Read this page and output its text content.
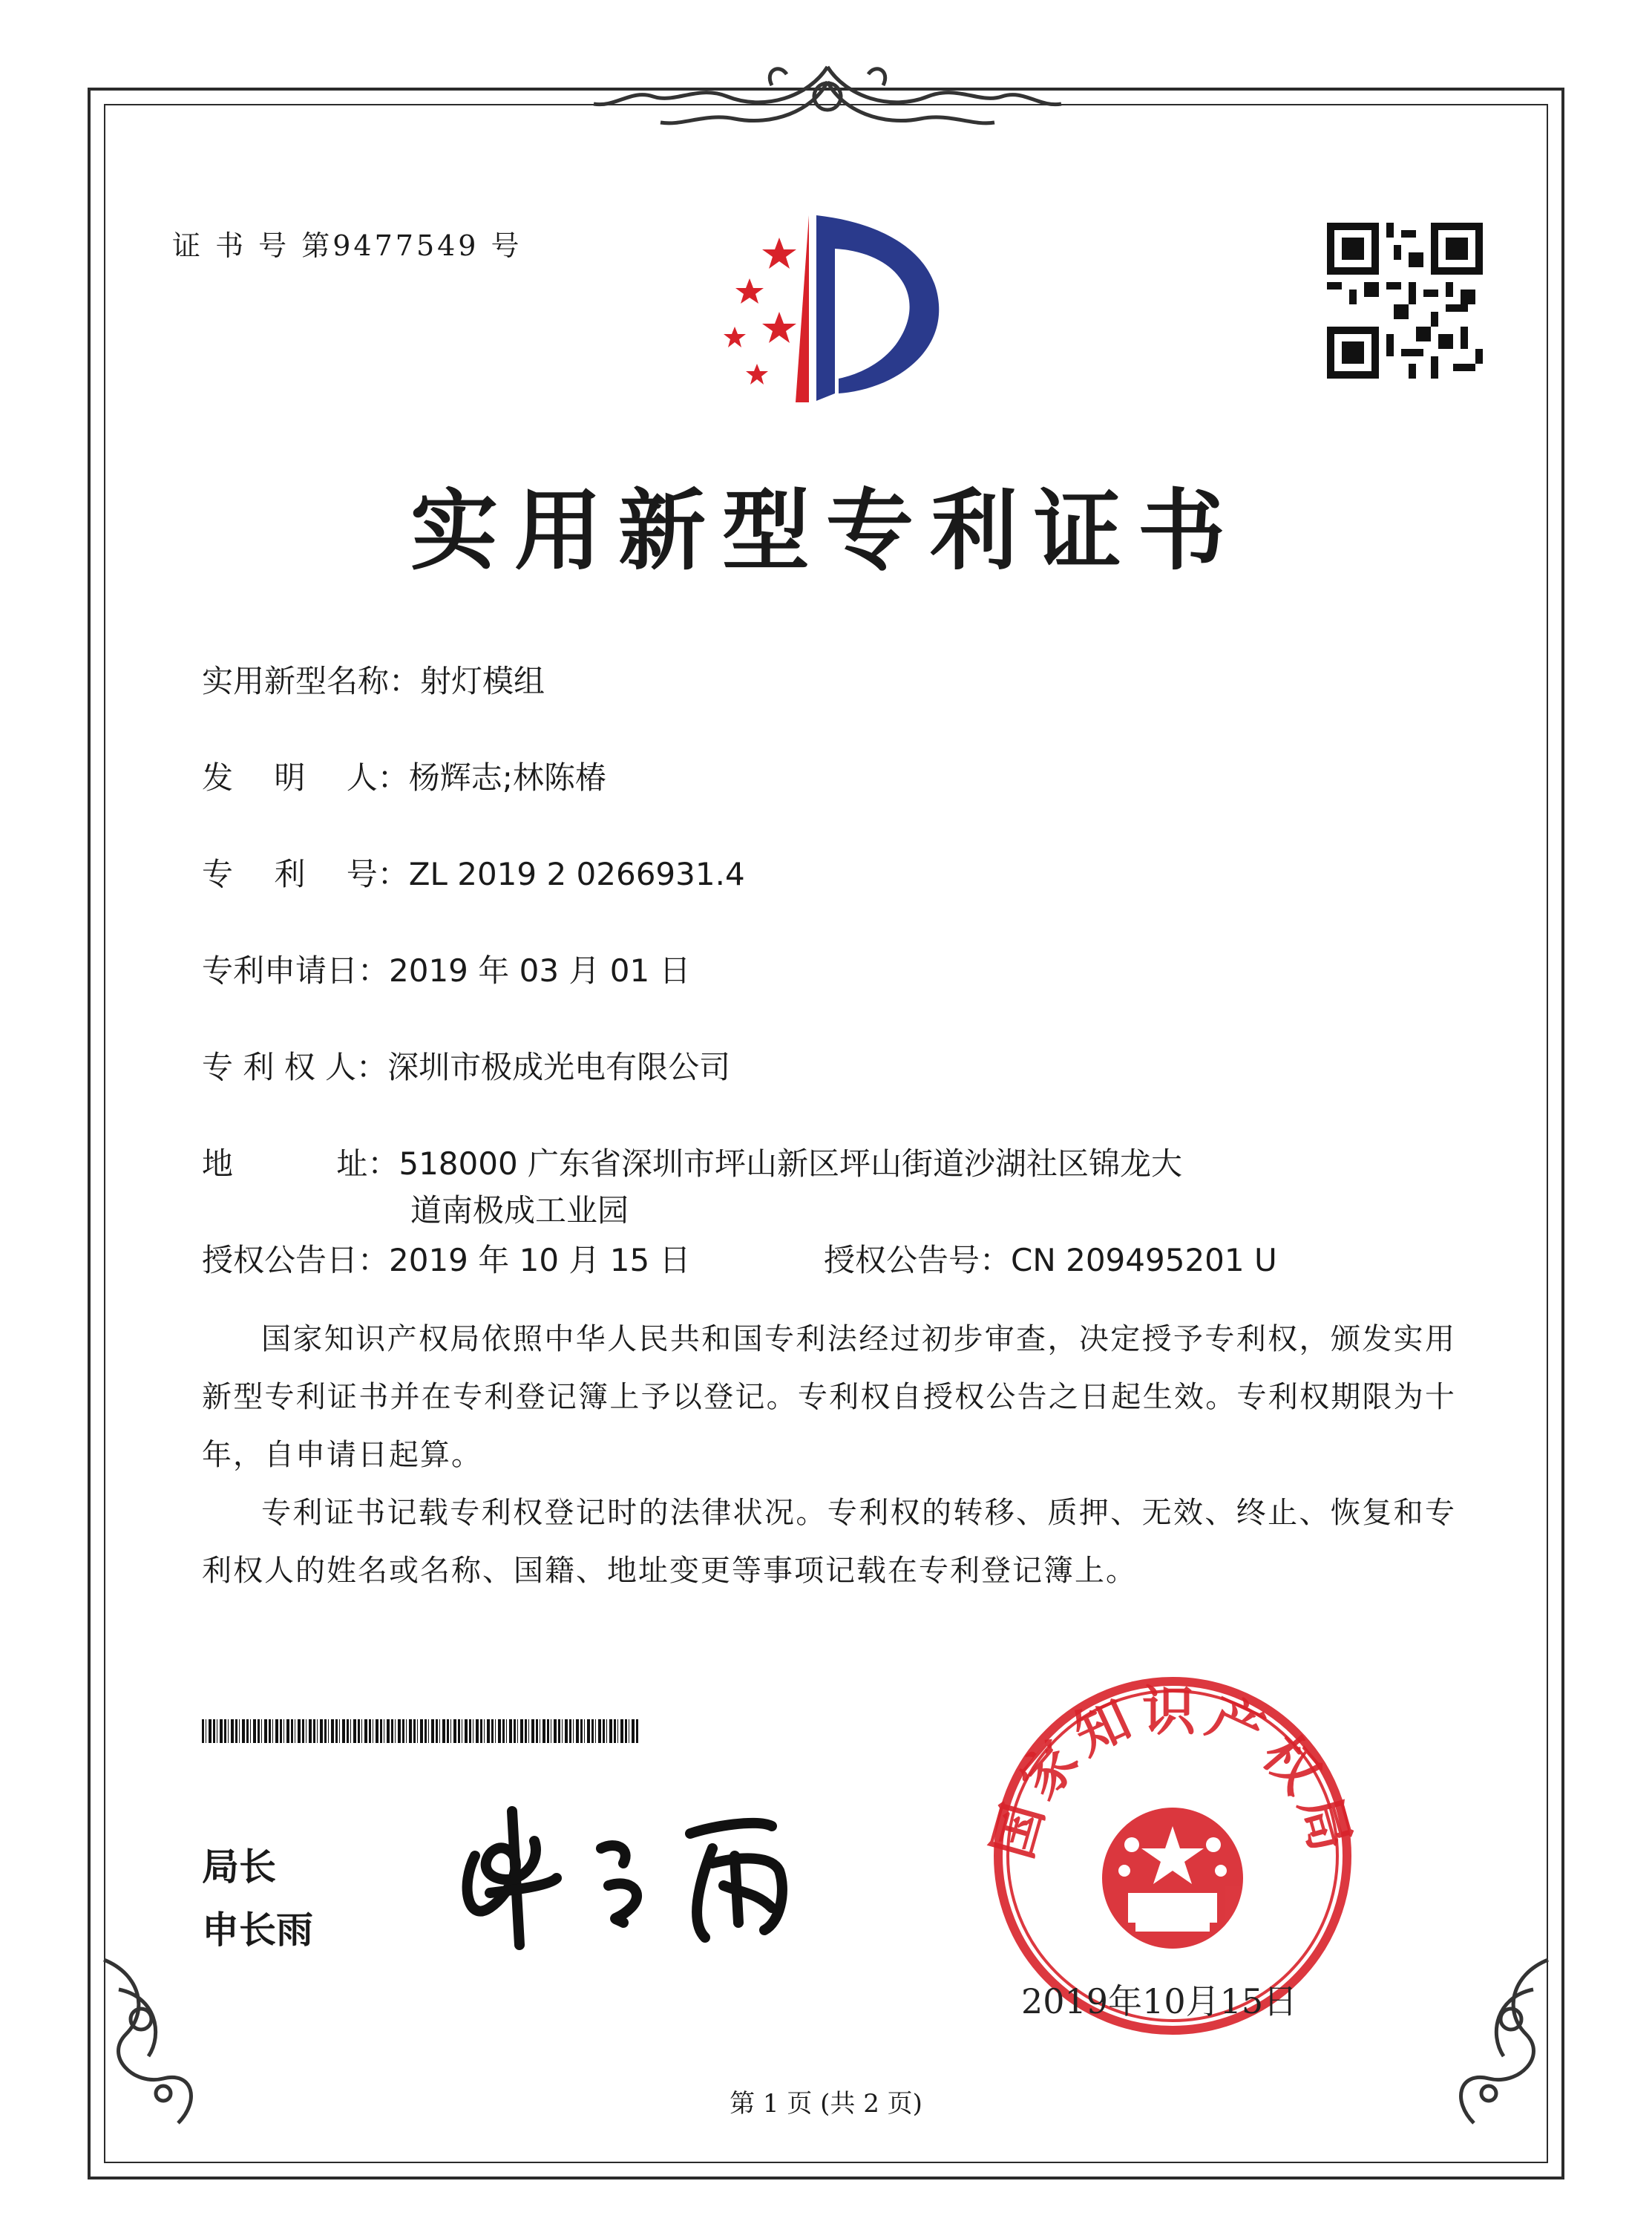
证 书 号 第9477549 号
实用新型专利证书
实用新型名称：射灯模组
发　 明　 人：杨辉志;林陈椿
专　 利　 号：ZL 2019 2 0266931.4
专利申请日：2019 年 03 月 01 日
专 利 权 人：深圳市极成光电有限公司
地　　　 址：518000 广东省深圳市坪山新区坪山街道沙湖社区锦龙大
道南极成工业园
授权公告日：2019 年 10 月 15 日	授权公告号：CN 209495201 U

国家知识产权局依照中华人民共和国专利法经过初步审查，决定授予专利权，颁发实用新型专利证书并在专利登记簿上予以登记。专利权自授权公告之日起生效。专利权期限为十年，自申请日起算。

专利证书记载专利权登记时的法律状况。专利权的转移、质押、无效、终止、恢复和专利权人的姓名或名称、国籍、地址变更等事项记载在专利登记簿上。

局长
申长雨
国家知识产权局
2019年10月15日
第 1 页 (共 2 页)
